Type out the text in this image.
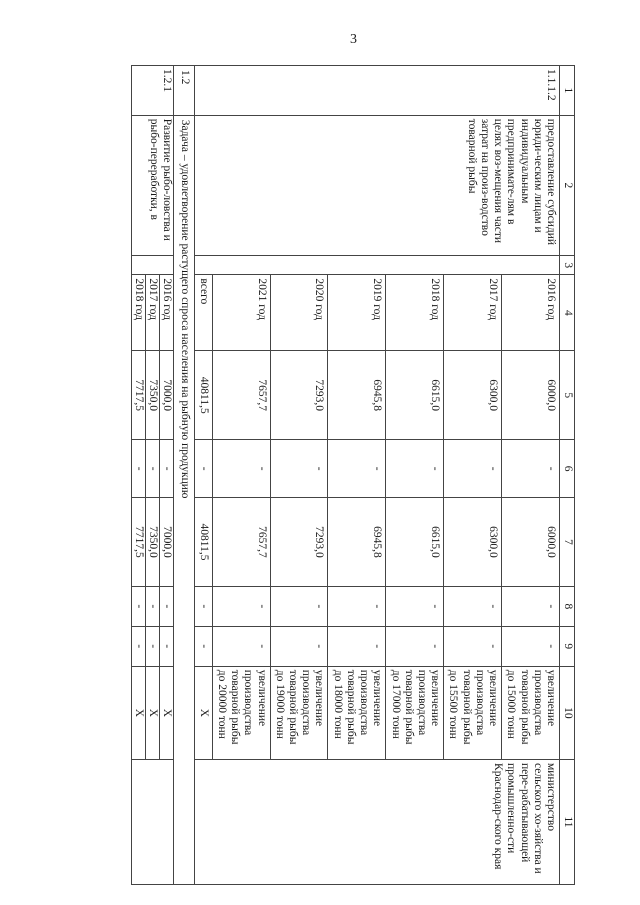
3
1	2	3	4	5	6	7	8	9	10	11
1.1.1.2	предоставление субсидий юриди-ческим лицам и индивидуальным предпринимате-лям в целях воз-мещения части затрат на произ-водство товарной рыбы		2016 год	6000,0	-	6000,0	-	-	увеличение производства товарной рыбы до 15000 тонн	министерство сельского хо-зяйства и пере-рабатывающей промышленно-сти Краснодар-ского края
			2017 год	6300,0	-	6300,0	-	-	увеличение производства товарной рыбы до 15500 тонн	
			2018 год	6615,0	-	6615,0	-	-	увеличение производства товарной рыбы до 17000 тонн	
			2019 год	6945,8	-	6945,8	-	-	увеличение производства товарной рыбы до 18000 тонн	
			2020 год	7293,0	-	7293,0	-	-	увеличение производства товарной рыбы до 19000 тонн	
			2021 год	7657,7	-	7657,7	-	-	увеличение производства товарной рыбы до 20000 тонн	
			всего	40811,5	-	40811,5	-	-	X	
1.2	Задача – удовлетворение растущего спроса населения на рыбную продукцию									
1.2.1	Развитие рыбо-ловства и рыбо-переработки, в		2016 год	7000,0	-	7000,0	-	-	X	
			2017 год	7350,0	-	7350,0	-	-	X	
			2018 год	7717,5	-	7717,5	-	-	X	
